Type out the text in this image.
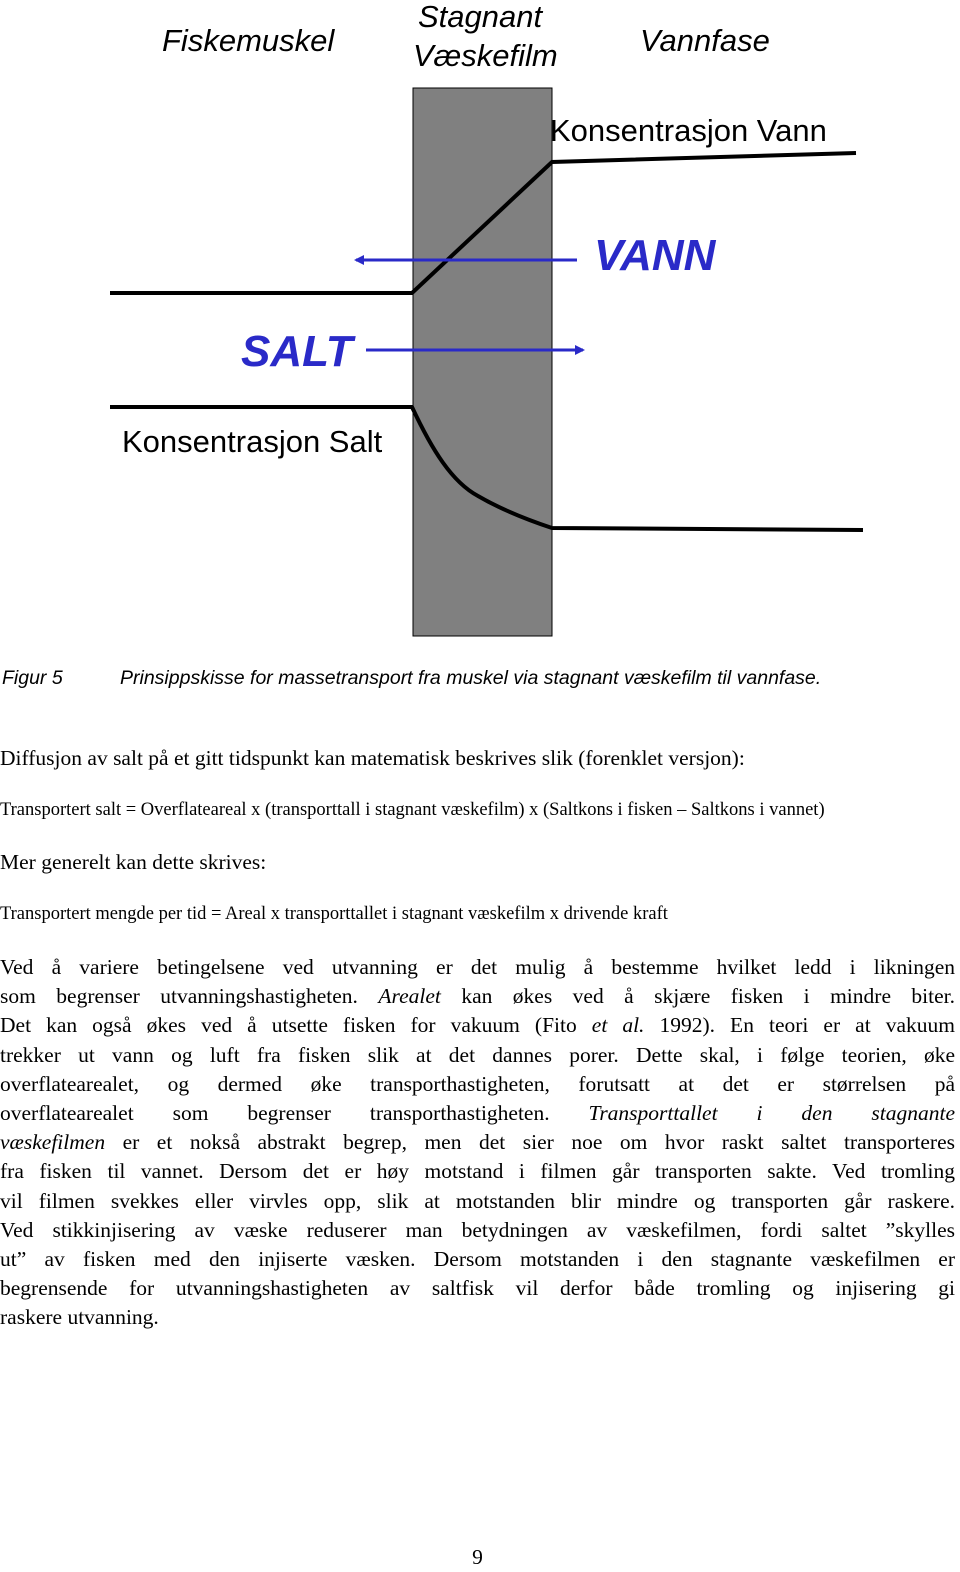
Fiskemuskel
Stagnant
Væskefilm	Vannfase
Konsentrasjon Vann
VANN
SALT
Konsentrasjon Salt
Figur 5	Prinsippskisse for massetransport fra muskel via stagnant væskefilm til vannfase.

Diffusjon av salt på et gitt tidspunkt kan matematisk beskrives slik (forenklet versjon):

Transportert salt = Overflateareal x (transporttall i stagnant væskefilm) x (Saltkons i fisken – Saltkons i vannet)

Mer generelt kan dette skrives:

Transportert mengde per tid = Areal x transporttallet i stagnant væskefilm x drivende kraft

Ved å variere betingelsene ved utvanning er det mulig å bestemme hvilket ledd i likningen
som begrenser utvanningshastigheten. Arealet kan økes ved å skjære fisken i mindre biter.
Det kan også økes ved å utsette fisken for vakuum (Fito et al. 1992). En teori er at vakuum
trekker ut vann og luft fra fisken slik at det dannes porer. Dette skal, i følge teorien, øke
overflatearealet, og dermed øke transporthastigheten, forutsatt at det er størrelsen på
overflatearealet som begrenser transporthastigheten. Transporttallet i den stagnante
væskefilmen er et nokså abstrakt begrep, men det sier noe om hvor raskt saltet transporteres
fra fisken til vannet. Dersom det er høy motstand i filmen går transporten sakte. Ved tromling
vil filmen svekkes eller virvles opp, slik at motstanden blir mindre og transporten går raskere.
Ved stikkinjisering av væske reduserer man betydningen av væskefilmen, fordi saltet ”skylles
ut” av fisken med den injiserte væsken. Dersom motstanden i den stagnante væskefilmen er
begrensende for utvanningshastigheten av saltfisk vil derfor både tromling og injisering gi
raskere utvanning.
9
